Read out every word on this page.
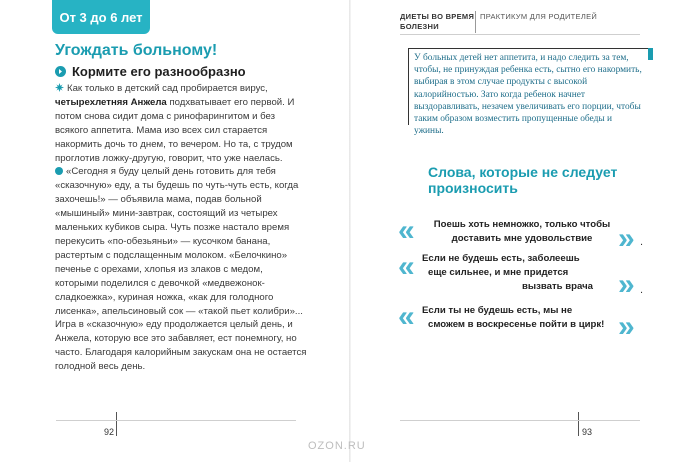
От 3 до 6 лет
Угождать больному!
Кормите его разнообразно

Как только в детский сад пробирается вирус, четырехлетняя Анжела подхватывает его первой. И потом снова сидит дома с ринофарингитом и без всякого аппетита. Мама изо всех сил старается накормить дочь то днем, то вечером. Но та, с трудом проглотив ложку-другую, говорит, что уже наелась.

«Сегодня я буду целый день готовить для тебя «сказочную» еду, а ты будешь по чуть-чуть есть, когда захочешь!» — объявила мама, подав больной «мышиный» мини-завтрак, состоящий из четырех маленьких кубиков сыра. Чуть позже настало время перекусить «по-обезьяньи» — кусочком банана, растертым с подслащенным молоком. «Белочкино» печенье с орехами, хлопья из злаков с медом, которыми поделился с девочкой «медвежонок-сладкоежка», куриная ножка, «как для голодного лисенка», апельсиновый сок — «такой пьет колибри»... Игра в «сказочную» еду продолжается целый день, и Анжела, которую все это забавляет, ест понемногу, но часто. Благодаря калорийным закускам она не остается голодной весь день.

92
ДИЕТЫ ВО ВРЕМЯ
БОЛЕЗНИ
ПРАКТИКУМ ДЛЯ РОДИТЕЛЕЙ
У больных детей нет аппетита, и надо следить за тем, чтобы, не принуждая ребенка есть, сытно его накормить, выбирая в этом случае продукты с высокой калорийностью. Зато когда ребенок начнет выздоравливать, незачем увеличивать его порции, чтобы таким образом возместить пропущенные обеды и ужины.
Слова, которые не следует
произносить
«	Поешь хоть немножко, только чтобы
доставить мне удовольствие » .
« Если не будешь есть, заболеешь
еще сильнее, и мне придется
вызвать врача » .
« Если ты не будешь есть, мы не
сможем в воскресенье пойти в цирк! »
93
OZON.RU
